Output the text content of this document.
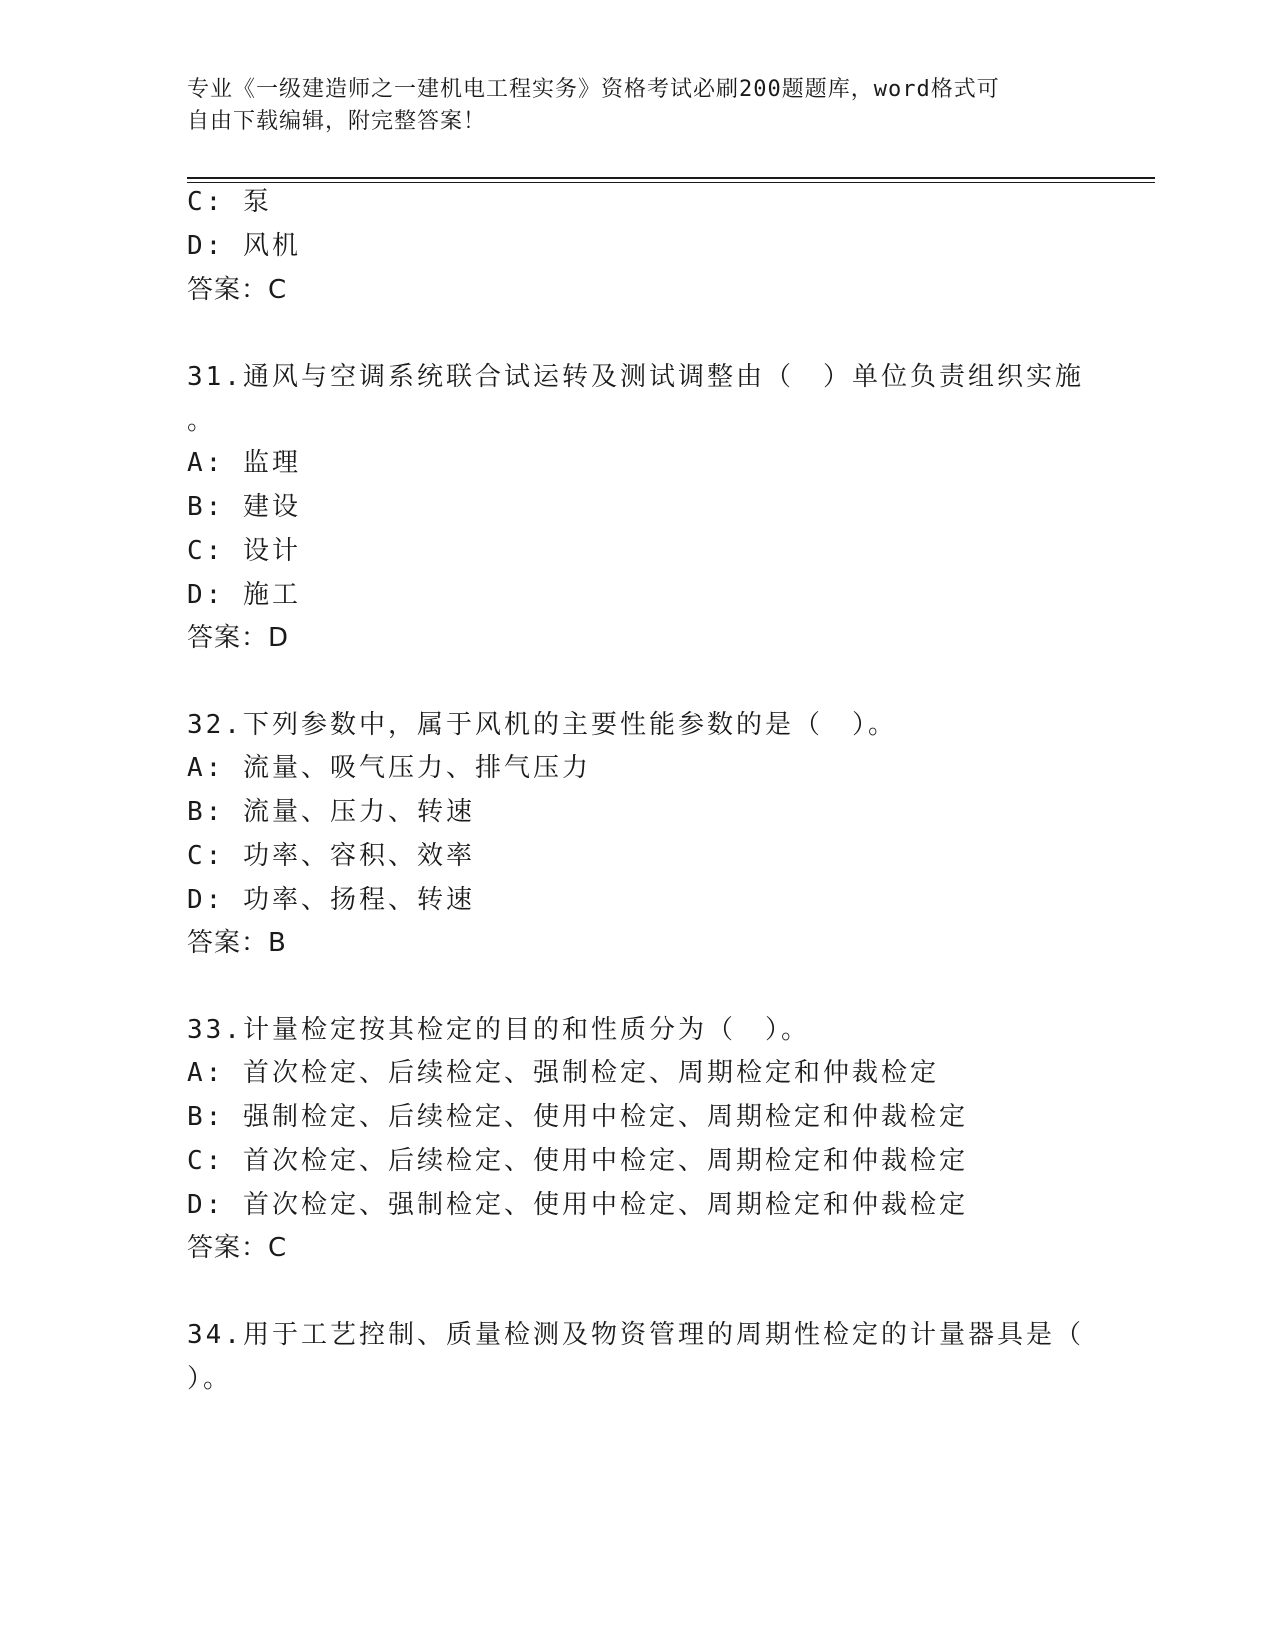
专业《一级建造师之一建机电工程实务》资格考试必刷200题题库，word格式可
自由下载编辑，附完整答案！
C: 泵
D: 风机
答案：C
31.通风与空调系统联合试运转及测试调整由（　）单位负责组织实施
。
A: 监理
B: 建设
C: 设计
D: 施工
答案：D
32.下列参数中，属于风机的主要性能参数的是（　）。
A: 流量、吸气压力、排气压力
B: 流量、压力、转速
C: 功率、容积、效率
D: 功率、扬程、转速
答案：B
33.计量检定按其检定的目的和性质分为（　）。
A: 首次检定、后续检定、强制检定、周期检定和仲裁检定
B: 强制检定、后续检定、使用中检定、周期检定和仲裁检定
C: 首次检定、后续检定、使用中检定、周期检定和仲裁检定
D: 首次检定、强制检定、使用中检定、周期检定和仲裁检定
答案：C
34.用于工艺控制、质量检测及物资管理的周期性检定的计量器具是（
）。
